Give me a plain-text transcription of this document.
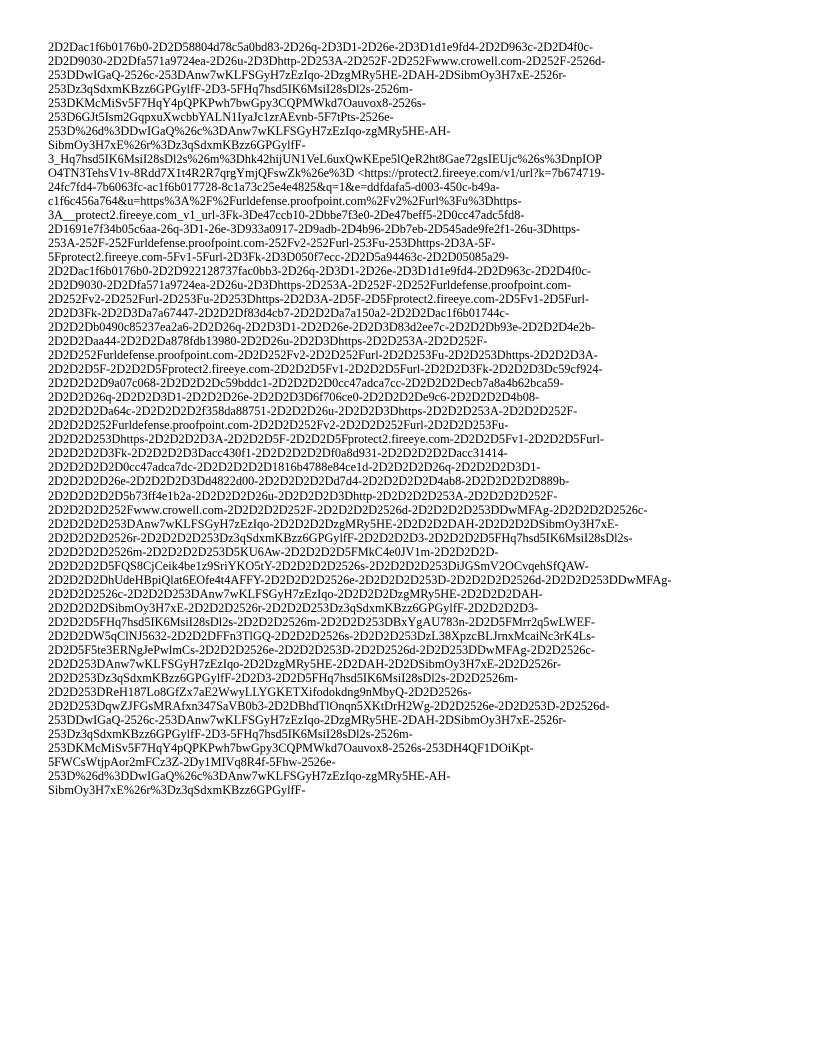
2D2Dac1f6b0176b0-2D2D58804d78c5a0bd83-2D26q-2D3D1-2D26e-2D3D1d1e9fd4-2D2D963c-2D2D4f0c-
2D2D9030-2D2Dfa571a9724ea-2D26u-2D3Dhttp-2D253A-2D252F-2D252Fwww.crowell.com-2D252F-2526d-
253DDwIGaQ-2526c-253DAnw7wKLFSGyH7zEzIqo-2DzgMRy5HE-2DAH-2DSibmOy3H7xE-2526r-
253Dz3qSdxmKBzz6GPGylfF-2D3-5FHq7hsd5IK6MsiI28sDl2s-2526m-
253DKMcMiSv5F7HqY4pQPKPwh7bwGpy3CQPMWkd7Oauvox8-2526s-
253D6GJt5Ism2GqpxuXwcbbYALN1IyaJc1zrAEvnb-5F7tPts-2526e-
253D%26d%3DDwIGaQ%26c%3DAnw7wKLFSGyH7zEzIqo-zgMRy5HE-AH-
SibmOy3H7xE%26r%3Dz3qSdxmKBzz6GPGylfF-
3_Hq7hsd5IK6MsiI28sDl2s%26m%3Dhk42hijUN1VeL6uxQwKEpe5lQeR2ht8Gae72gsIEUjc%26s%3DnpIOP
O4TN3TehsV1v-8Rdd7X1t4R2R7qrgYmjQFswZk%26e%3D <https://protect2.fireeye.com/v1/url?k=7b674719-
24fc7fd4-7b6063fc-ac1f6b017728-8c1a73c25e4e4825&q=1&e=ddfdafa5-d003-450c-b49a-
c1f6c456a764&u=https%3A%2F%2Furldefense.proofpoint.com%2Fv2%2Furl%3Fu%3Dhttps-
3A__protect2.fireeye.com_v1_url-3Fk-3De47ccb10-2Dbbe7f3e0-2De47beff5-2D0cc47adc5fd8-
2D1691e7f34b05c6aa-26q-3D1-26e-3D933a0917-2D9adb-2D4b96-2Db7eb-2D545ade9fe2f1-26u-3Dhttps-
253A-252F-252Furldefense.proofpoint.com-252Fv2-252Furl-253Fu-253Dhttps-2D3A-5F-
5Fprotect2.fireeye.com-5Fv1-5Furl-2D3Fk-2D3D050f7ecc-2D2D5a94463c-2D2D05085a29-
2D2Dac1f6b0176b0-2D2D922128737fac0bb3-2D26q-2D3D1-2D26e-2D3D1d1e9fd4-2D2D963c-2D2D4f0c-
2D2D9030-2D2Dfa571a9724ea-2D26u-2D3Dhttps-2D253A-2D252F-2D252Furldefense.proofpoint.com-
2D252Fv2-2D252Furl-2D253Fu-2D253Dhttps-2D2D3A-2D5F-2D5Fprotect2.fireeye.com-2D5Fv1-2D5Furl-
2D2D3Fk-2D2D3Da7a67447-2D2D2Df83d4cb7-2D2D2Da7a150a2-2D2D2Dac1f6b01744c-
2D2D2Db0490c85237ea2a6-2D2D26q-2D2D3D1-2D2D26e-2D2D3D83d2ee7c-2D2D2Db93e-2D2D2D4e2b-
2D2D2Daa44-2D2D2Da878fdb13980-2D2D26u-2D2D3Dhttps-2D2D253A-2D2D252F-
2D2D252Furldefense.proofpoint.com-2D2D252Fv2-2D2D252Furl-2D2D253Fu-2D2D253Dhttps-2D2D2D3A-
2D2D2D5F-2D2D2D5Fprotect2.fireeye.com-2D2D2D5Fv1-2D2D2D5Furl-2D2D2D3Fk-2D2D2D3Dc59cf924-
2D2D2D2D9a07c068-2D2D2D2Dc59bddc1-2D2D2D2D0cc47adca7cc-2D2D2D2Decb7a8a4b62bca59-
2D2D2D26q-2D2D2D3D1-2D2D2D26e-2D2D2D3D6f706ce0-2D2D2D2De9c6-2D2D2D2D4b08-
2D2D2D2Da64c-2D2D2D2D2f358da88751-2D2D2D26u-2D2D2D3Dhttps-2D2D2D253A-2D2D2D252F-
2D2D2D252Furldefense.proofpoint.com-2D2D2D252Fv2-2D2D2D252Furl-2D2D2D253Fu-
2D2D2D253Dhttps-2D2D2D2D3A-2D2D2D5F-2D2D2D5Fprotect2.fireeye.com-2D2D2D5Fv1-2D2D2D5Furl-
2D2D2D2D3Fk-2D2D2D2D3Dacc430f1-2D2D2D2D2Df0a8d931-2D2D2D2D2Dacc31414-
2D2D2D2D2D0cc47adca7dc-2D2D2D2D2D1816b4788e84ce1d-2D2D2D2D26q-2D2D2D2D3D1-
2D2D2D2D26e-2D2D2D2D3Dd4822d00-2D2D2D2D2Dd7d4-2D2D2D2D2D4ab8-2D2D2D2D2D889b-
2D2D2D2D2D5b73ff4e1b2a-2D2D2D2D26u-2D2D2D2D3Dhttp-2D2D2D2D253A-2D2D2D2D252F-
2D2D2D2D252Fwww.crowell.com-2D2D2D2D252F-2D2D2D2D2526d-2D2D2D2D253DDwMFAg-2D2D2D2D2526c-
2D2D2D2D253DAnw7wKLFSGyH7zEzIqo-2D2D2D2DzgMRy5HE-2D2D2D2DAH-2D2D2D2DSibmOy3H7xE-
2D2D2D2D2526r-2D2D2D2D253Dz3qSdxmKBzz6GPGylfF-2D2D2D2D3-2D2D2D2D5FHq7hsd5IK6MsiI28sDl2s-
2D2D2D2D2526m-2D2D2D2D253D5KU6Aw-2D2D2D2D5FMkC4e0JV1m-2D2D2D2D-
2D2D2D2D5FQS8CjCeik4be1z9SriYKO5tY-2D2D2D2D2526s-2D2D2D2D253DiJGSmV2OCvqehSfQAW-
2D2D2D2DhUdeHBpiQlat6EOfe4t4AFFY-2D2D2D2D2526e-2D2D2D2D253D-2D2D2D2D2526d-2D2D2D253DDwMFAg-
2D2D2D2526c-2D2D2D253DAnw7wKLFSGyH7zEzIqo-2D2D2D2DzgMRy5HE-2D2D2D2DAH-
2D2D2D2DSibmOy3H7xE-2D2D2D2526r-2D2D2D253Dz3qSdxmKBzz6GPGylfF-2D2D2D2D3-
2D2D2D5FHq7hsd5IK6MsiI28sDl2s-2D2D2D2526m-2D2D2D253DBxYgAU783n-2D2D5FMrr2q5wLWEF-
2D2D2DW5qClNJ5632-2D2D2DFFn3TlGQ-2D2D2D2526s-2D2D2D253DzL38XpzcBLJrnxMcaiNc3rK4Ls-
2D2D5F5te3ERNgJePwlmCs-2D2D2D2526e-2D2D2D253D-2D2D2526d-2D2D253DDwMFAg-2D2D2526c-
2D2D253DAnw7wKLFSGyH7zEzIqo-2D2DzgMRy5HE-2D2DAH-2D2DSibmOy3H7xE-2D2D2526r-
2D2D253Dz3qSdxmKBzz6GPGylfF-2D2D3-2D2D5FHq7hsd5IK6MsiI28sDl2s-2D2D2526m-
2D2D253DReH187Lo8GfZx7aE2WwyLLYGKETXifodokdng9nMbyQ-2D2D2526s-
2D2D253DqwZJFGsMRAfxn347SaVB0b3-2D2DBhdTlOnqn5XKtDrH2Wg-2D2D2526e-2D2D253D-2D2526d-
253DDwIGaQ-2526c-253DAnw7wKLFSGyH7zEzIqo-2DzgMRy5HE-2DAH-2DSibmOy3H7xE-2526r-
253Dz3qSdxmKBzz6GPGylfF-2D3-5FHq7hsd5IK6MsiI28sDl2s-2526m-
253DKMcMiSv5F7HqY4pQPKPwh7bwGpy3CQPMWkd7Oauvox8-2526s-253DH4QF1DOiKpt-
5FWCsWtjpAor2mFCz3Z-2Dy1MIVq8R4f-5Fhw-2526e-
253D%26d%3DDwIGaQ%26c%3DAnw7wKLFSGyH7zEzIqo-zgMRy5HE-AH-
SibmOy3H7xE%26r%3Dz3qSdxmKBzz6GPGylfF-
